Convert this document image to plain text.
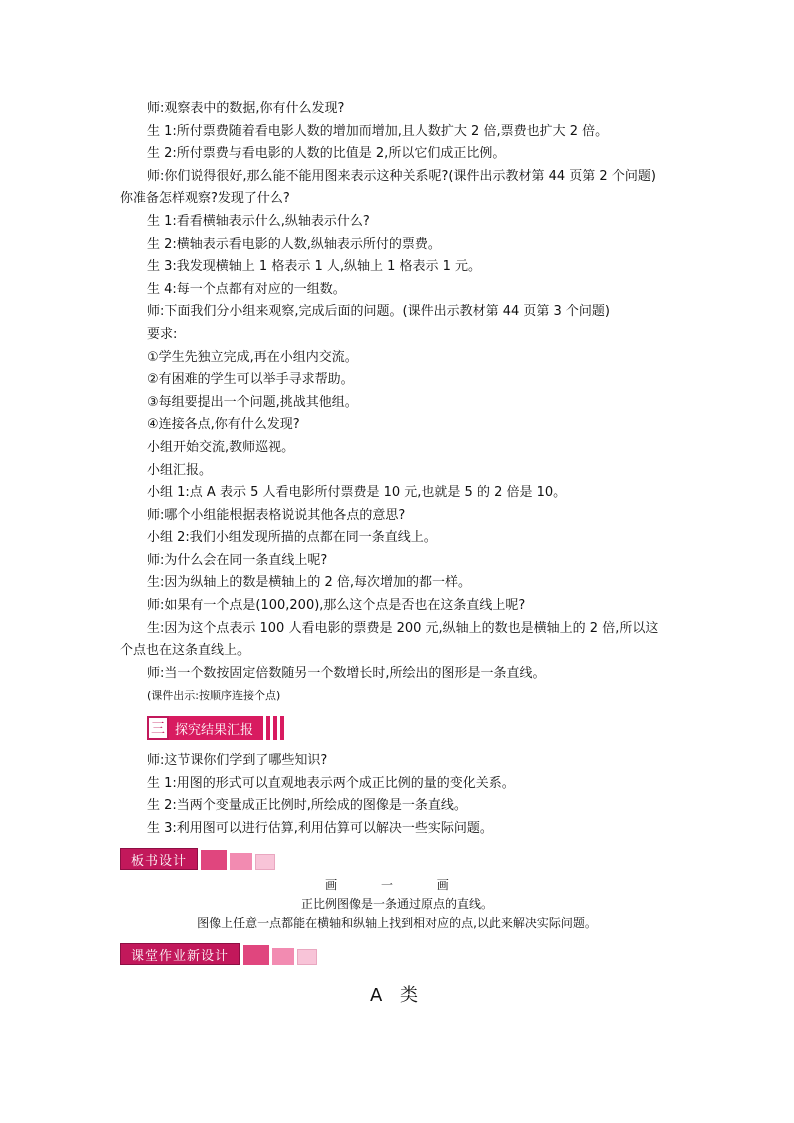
师:观察表中的数据,你有什么发现?
生 1:所付票费随着看电影人数的增加而增加,且人数扩大 2 倍,票费也扩大 2 倍。
生 2:所付票费与看电影的人数的比值是 2,所以它们成正比例。
师:你们说得很好,那么能不能用图来表示这种关系呢?(课件出示教材第 44 页第 2 个问题)
你准备怎样观察?发现了什么?
生 1:看看横轴表示什么,纵轴表示什么?
生 2:横轴表示看电影的人数,纵轴表示所付的票费。
生 3:我发现横轴上 1 格表示 1 人,纵轴上 1 格表示 1 元。
生 4:每一个点都有对应的一组数。
师:下面我们分小组来观察,完成后面的问题。(课件出示教材第 44 页第 3 个问题)
要求:
①学生先独立完成,再在小组内交流。
②有困难的学生可以举手寻求帮助。
③每组要提出一个问题,挑战其他组。
④连接各点,你有什么发现?
小组开始交流,教师巡视。
小组汇报。
小组 1:点 A 表示 5 人看电影所付票费是 10 元,也就是 5 的 2 倍是 10。
师:哪个小组能根据表格说说其他各点的意思?
小组 2:我们小组发现所描的点都在同一条直线上。
师:为什么会在同一条直线上呢?
生:因为纵轴上的数是横轴上的 2 倍,每次增加的都一样。
师:如果有一个点是(100,200),那么这个点是否也在这条直线上呢?
生:因为这个点表示 100 人看电影的票费是 200 元,纵轴上的数也是横轴上的 2 倍,所以这
个点也在这条直线上。
师:当一个数按固定倍数随另一个数增长时,所绘出的图形是一条直线。
(课件出示:按顺序连接个点)
三 探究结果汇报
师:这节课你们学到了哪些知识?
生 1:用图的形式可以直观地表示两个成正比例的量的变化关系。
生 2:当两个变量成正比例时,所绘成的图像是一条直线。
生 3:利用图可以进行估算,利用估算可以解决一些实际问题。
板书设计
画 一 画
正比例图像是一条通过原点的直线。
图像上任意一点都能在横轴和纵轴上找到相对应的点,以此来解决实际问题。
课堂作业新设计
A 类
